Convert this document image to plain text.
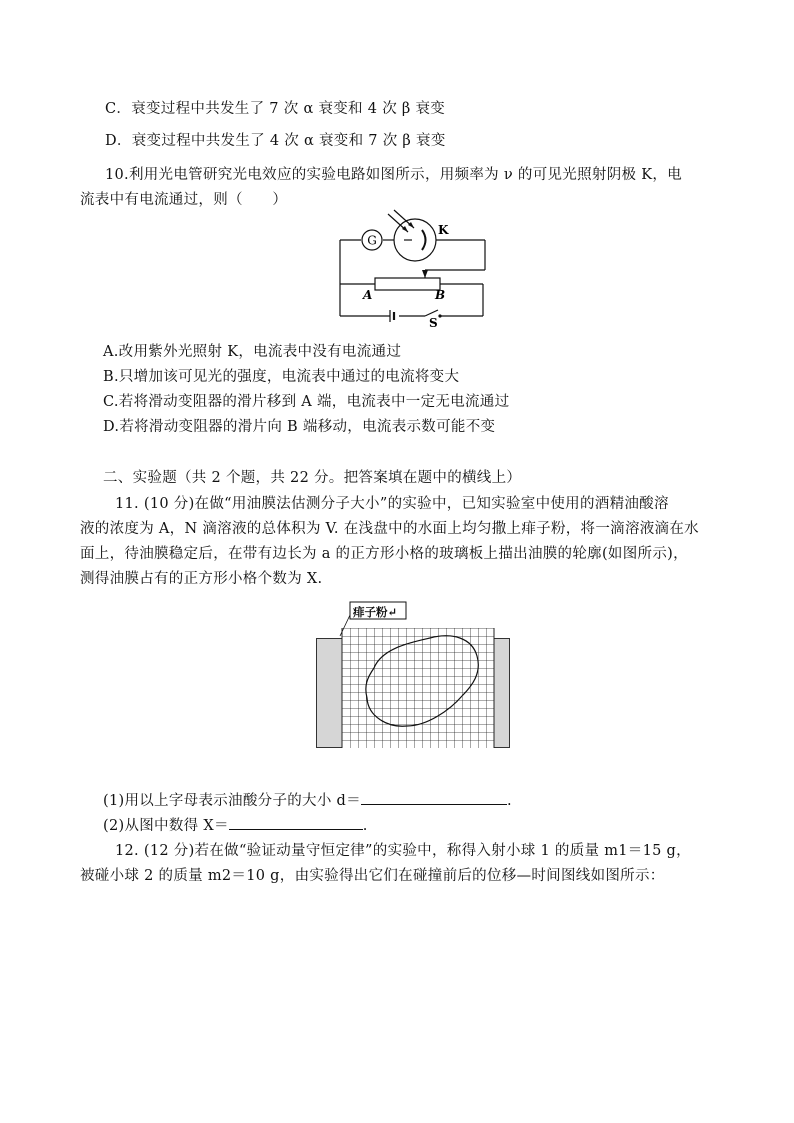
C．衰变过程中共发生了 7 次 α 衰变和 4 次 β 衰变
D．衰变过程中共发生了 4 次 α 衰变和 7 次 β 衰变
10.利用光电管研究光电效应的实验电路如图所示，用频率为 ν 的可见光照射阴极 K，电
流表中有电流通过，则（　　）
G
K
A	B
S
A.改用紫外光照射 K，电流表中没有电流通过
B.只增加该可见光的强度，电流表中通过的电流将变大
C.若将滑动变阻器的滑片移到 A 端，电流表中一定无电流通过
D.若将滑动变阻器的滑片向 B 端移动，电流表示数可能不变
二、实验题（共 2 个题，共 22 分。把答案填在题中的横线上）
11. (10 分)在做“用油膜法估测分子大小”的实验中，已知实验室中使用的酒精油酸溶
液的浓度为 A，N 滴溶液的总体积为 V. 在浅盘中的水面上均匀撒上痱子粉，将一滴溶液滴在水
面上，待油膜稳定后，在带有边长为 a 的正方形小格的玻璃板上描出油膜的轮廓(如图所示)，
测得油膜占有的正方形小格个数为 X.
痱子粉↵
(1)用以上字母表示油酸分子的大小 d＝	.
(2)从图中数得 X＝	.
12. (12 分)若在做“验证动量守恒定律”的实验中，称得入射小球 1 的质量 m1＝15 g，
被碰小球 2 的质量 m2＝10 g，由实验得出它们在碰撞前后的位移—时间图线如图所示：
